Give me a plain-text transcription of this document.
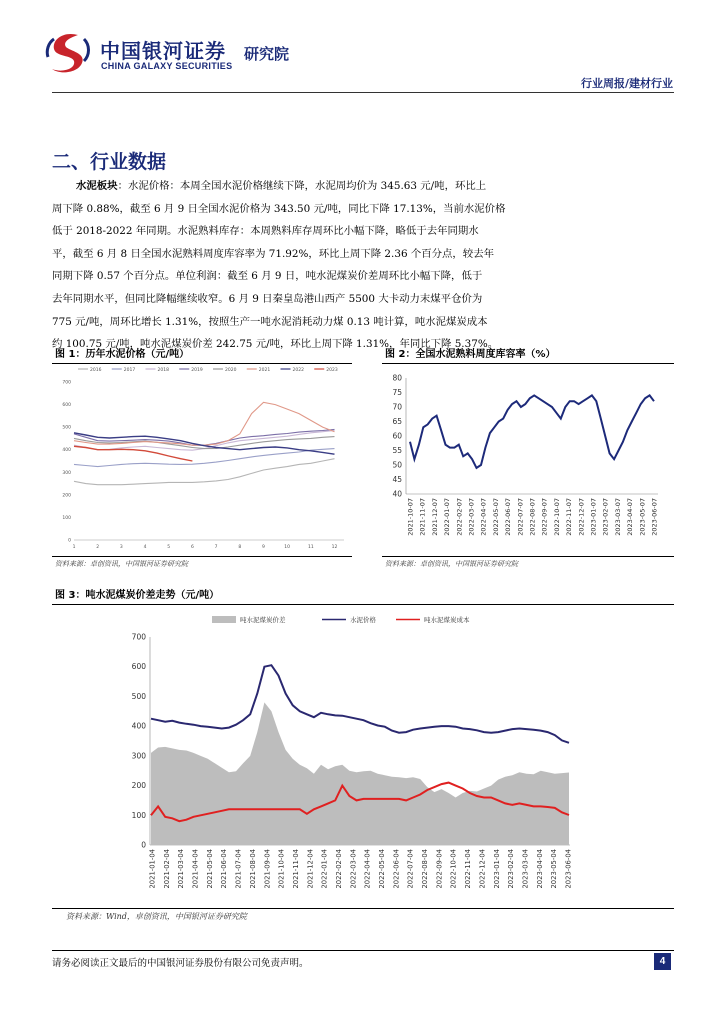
中国银河证券
CHINA GALAXY SECURITIES
研究院
行业周报/建材行业
二、行业数据
水泥板块：水泥价格：本周全国水泥价格继续下降，水泥周均价为 345.63 元/吨，环比上
周下降 0.88%，截至 6 月 9 日全国水泥价格为 343.50 元/吨，同比下降 17.13%，当前水泥价格
低于 2018-2022 年同期。水泥熟料库存：本周熟料库存周环比小幅下降，略低于去年同期水
平，截至 6 月 8 日全国水泥熟料周度库容率为 71.92%，环比上周下降 2.36 个百分点，较去年
同期下降 0.57 个百分点。单位利润：截至 6 月 9 日，吨水泥煤炭价差周环比小幅下降，低于
去年同期水平，但同比降幅继续收窄。6 月 9 日秦皇岛港山西产 5500 大卡动力末煤平仓价为
775 元/吨，周环比增长 1.31%，按照生产一吨水泥消耗动力煤 0.13 吨计算，吨水泥煤炭成本
约 100.75 元/吨，吨水泥煤炭价差 242.75 元/吨，环比上周下降 1.31%，年同比下降 5.37%。
图 1：历年水泥价格（元/吨）
2016	2017	2018	2019	2020	2021	2022	2023
0
100
200
300
400
500
600
700
1	2	3	4	5	6	7	8	9	10	11	12
资料来源：卓创资讯，中国银河证券研究院
图 2：全国水泥熟料周度库容率（%）
40
45
50
55
60
65
70
75
80
2021-10-07 2021-11-07 2021-12-07 2022-01-07 2022-02-07 2022-03-07 2022-04-07 2022-05-07 2022-06-07 2022-07-07 2022-08-07 2022-09-07 2022-10-07 2022-11-07 2022-12-07 2023-01-07 2023-02-07 2023-03-07 2023-04-07 2023-05-07 2023-06-07
资料来源：卓创资讯，中国银河证券研究院
图 3：吨水泥煤炭价差走势（元/吨）
吨水泥煤炭价差	水泥价格	吨水泥煤炭成本
0
100
200
300
400
500
600
700
2021-01-04 2021-02-04 2021-03-04 2021-04-04 2021-05-04 2021-06-04 2021-07-04 2021-08-04 2021-09-04 2021-10-04 2021-11-04 2021-12-04 2022-01-04 2022-02-04 2022-03-04 2022-04-04 2022-05-04 2022-06-04 2022-07-04 2022-08-04 2022-09-04 2022-10-04 2022-11-04 2022-12-04 2023-01-04 2023-02-04 2023-03-04 2023-04-04 2023-05-04 2023-06-04
资料来源：Wind，卓创资讯，中国银河证券研究院
请务必阅读正文最后的中国银河证券股份有限公司免责声明。	4
